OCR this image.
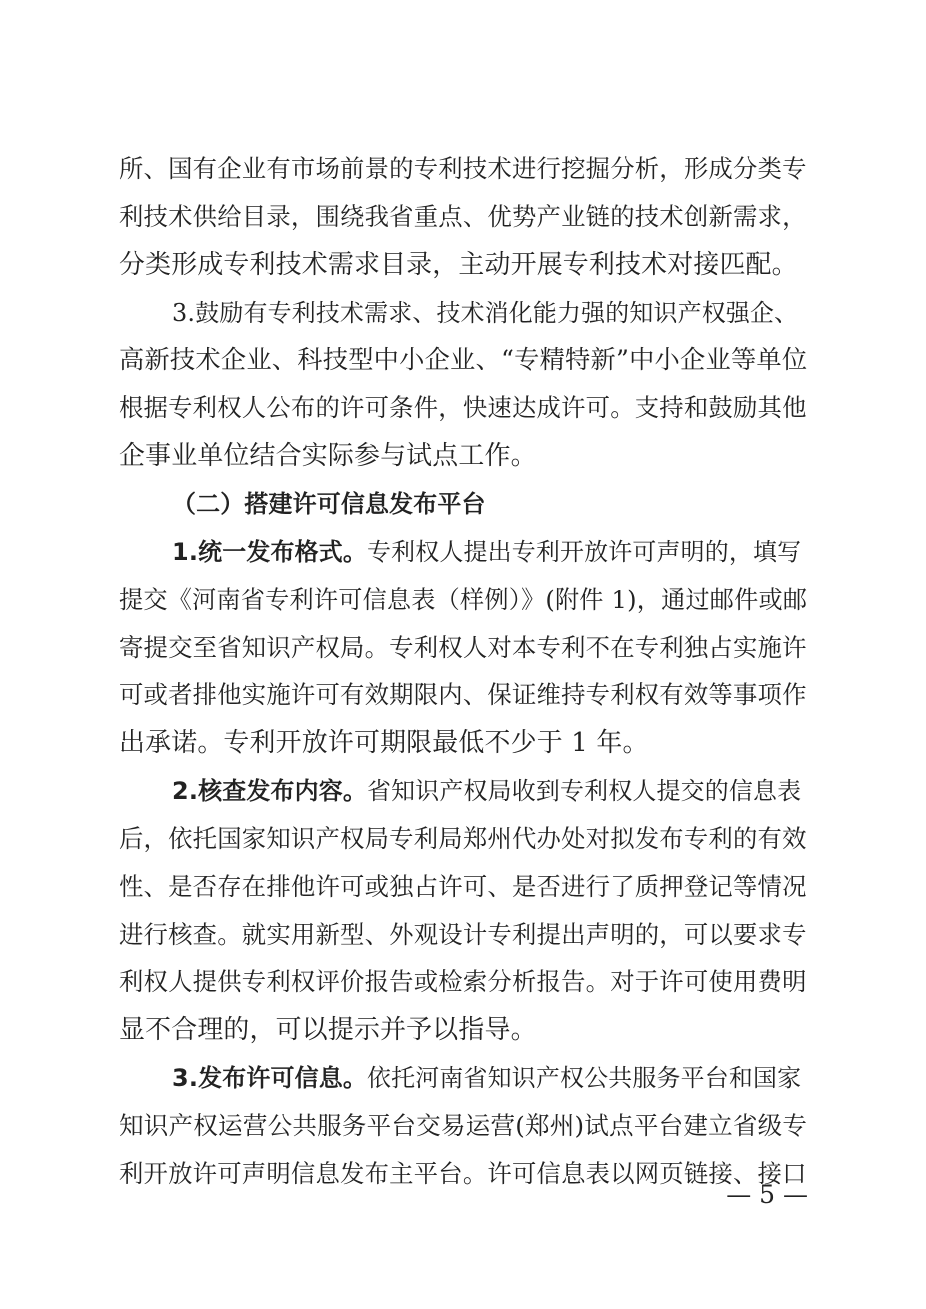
所、国有企业有市场前景的专利技术进行挖掘分析，形成分类专
利技术供给目录，围绕我省重点、优势产业链的技术创新需求，
分类形成专利技术需求目录，主动开展专利技术对接匹配。
3.鼓励有专利技术需求、技术消化能力强的知识产权强企、
高新技术企业、科技型中小企业、“专精特新”中小企业等单位
根据专利权人公布的许可条件，快速达成许可。支持和鼓励其他
企事业单位结合实际参与试点工作。
（二）搭建许可信息发布平台
1.统一发布格式。专利权人提出专利开放许可声明的，填写
提交《河南省专利许可信息表（样例）》(附件 1)，通过邮件或邮
寄提交至省知识产权局。专利权人对本专利不在专利独占实施许
可或者排他实施许可有效期限内、保证维持专利权有效等事项作
出承诺。专利开放许可期限最低不少于 1 年。
2.核查发布内容。省知识产权局收到专利权人提交的信息表
后，依托国家知识产权局专利局郑州代办处对拟发布专利的有效
性、是否存在排他许可或独占许可、是否进行了质押登记等情况
进行核查。就实用新型、外观设计专利提出声明的，可以要求专
利权人提供专利权评价报告或检索分析报告。对于许可使用费明
显不合理的，可以提示并予以指导。
3.发布许可信息。依托河南省知识产权公共服务平台和国家
知识产权运营公共服务平台交易运营(郑州)试点平台建立省级专
利开放许可声明信息发布主平台。许可信息表以网页链接、接口
— 5 —
